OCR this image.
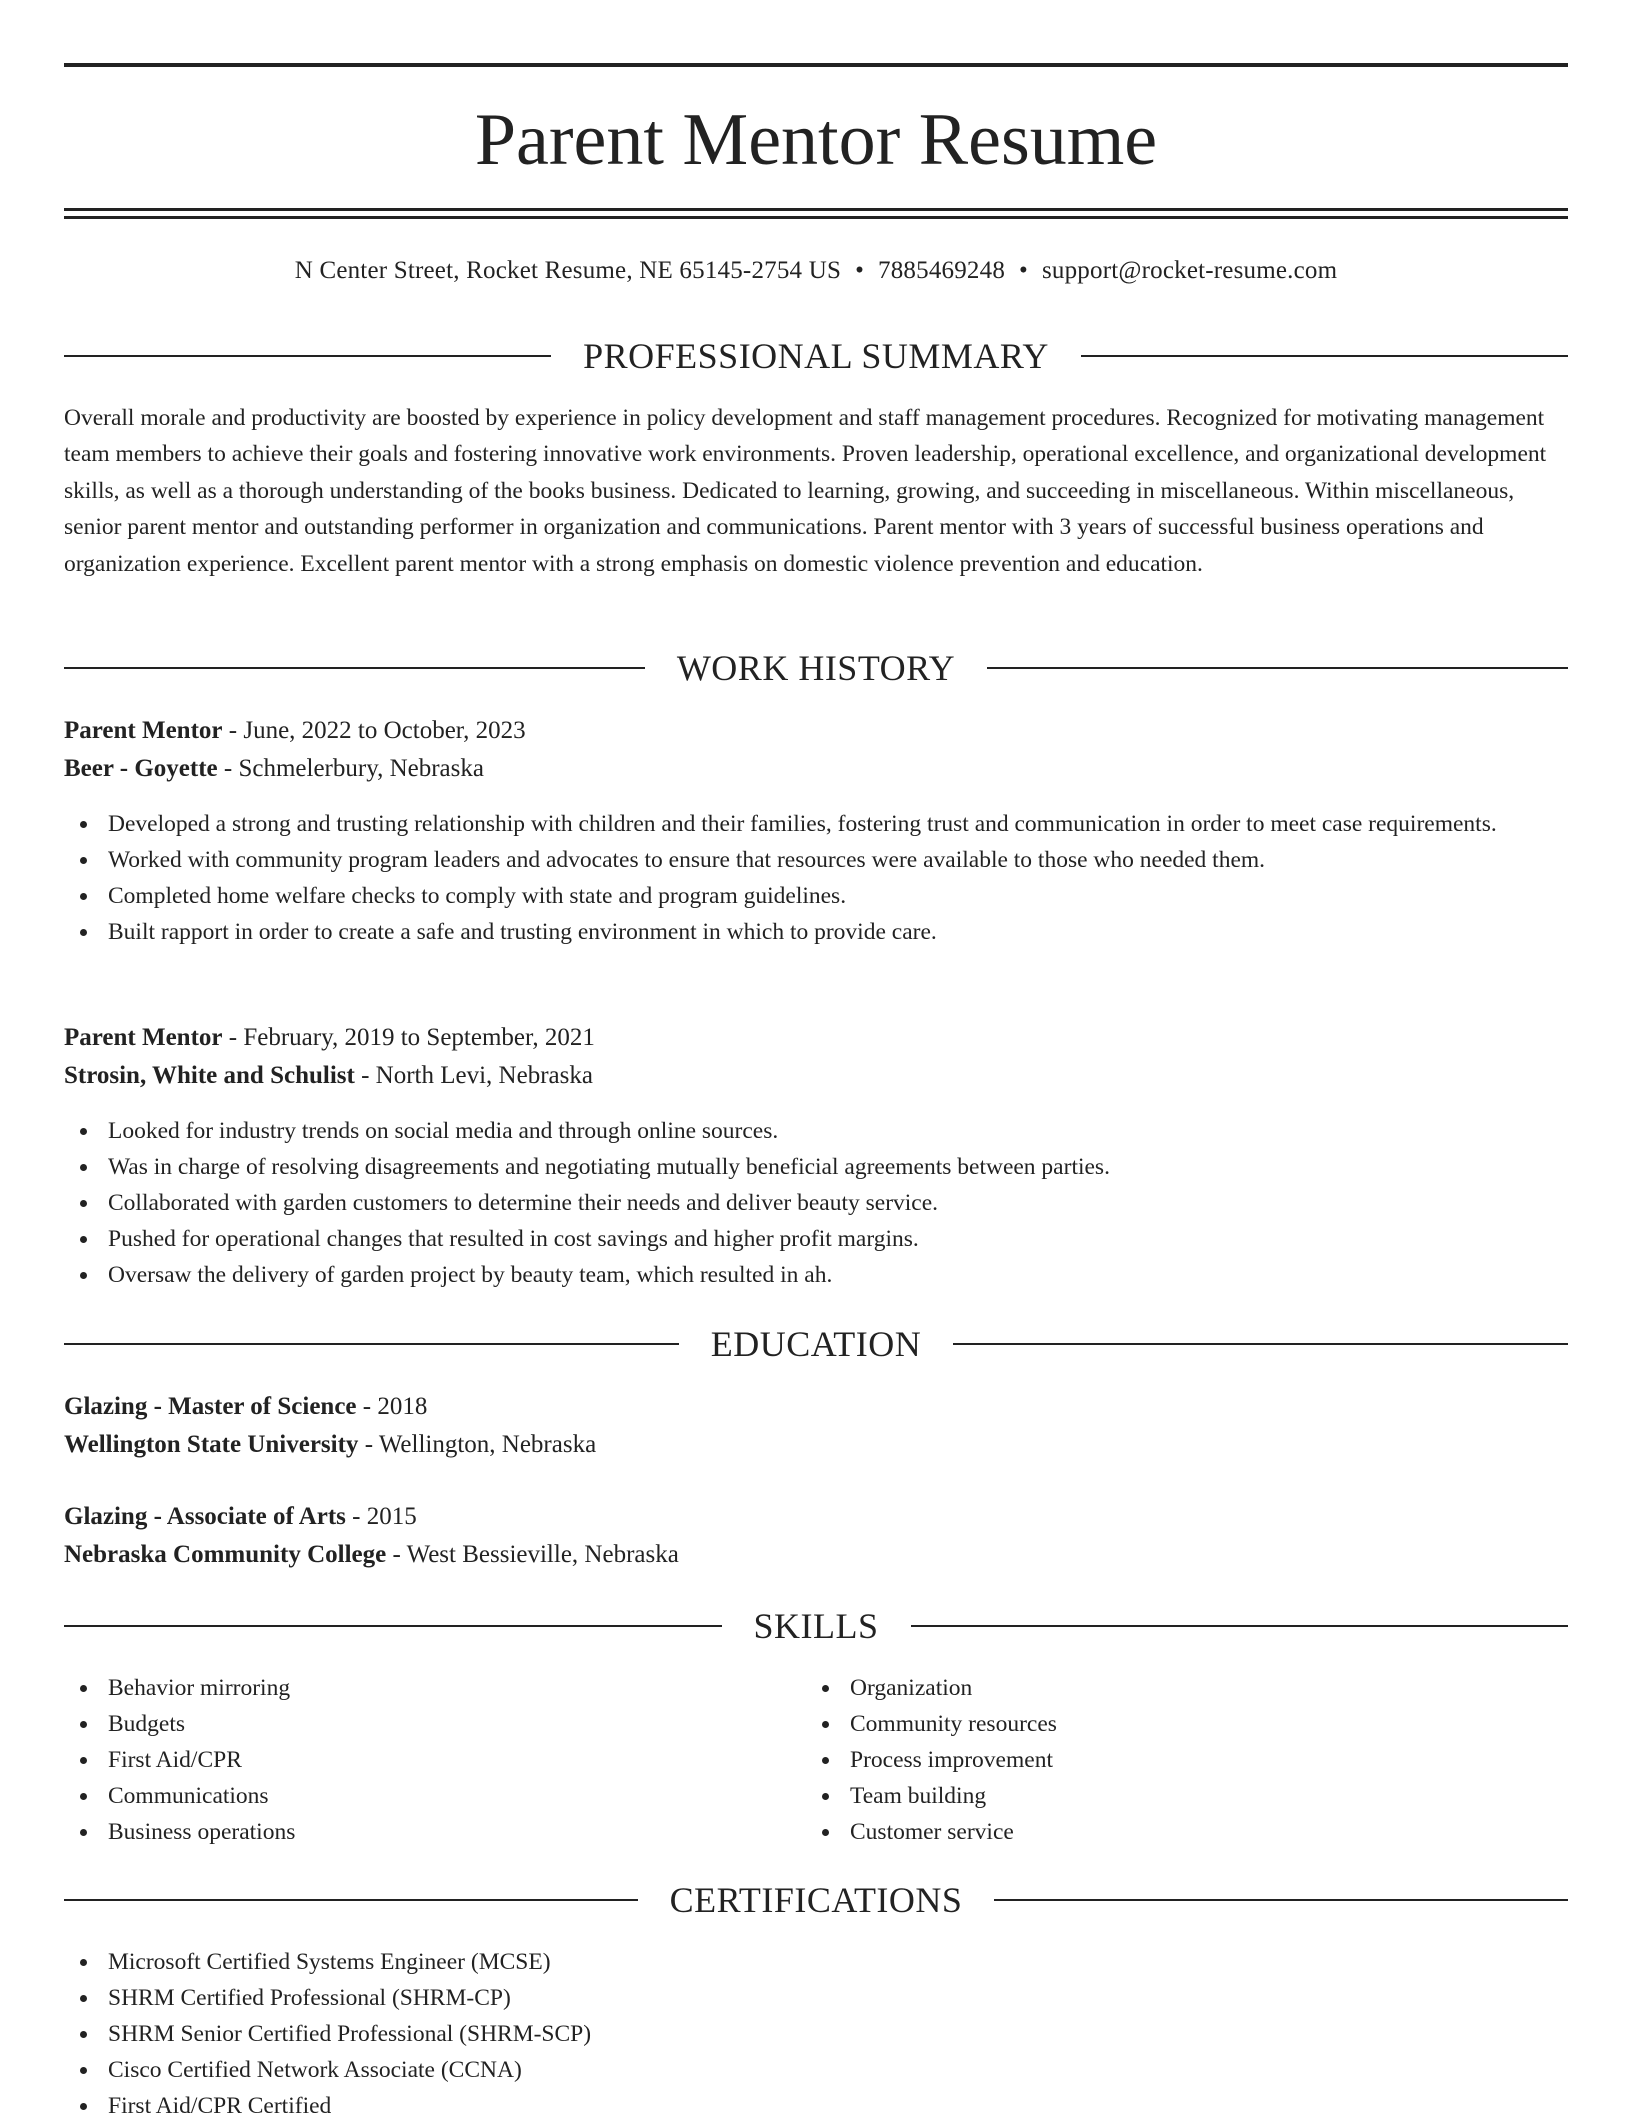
Parent Mentor Resume
N Center Street, Rocket Resume, NE 65145-2754 US • 7885469248 • support@rocket-resume.com
PROFESSIONAL SUMMARY

Overall morale and productivity are boosted by experience in policy development and staff management procedures. Recognized for motivating management team members to achieve their goals and fostering innovative work environments. Proven leadership, operational excellence, and organizational development skills, as well as a thorough understanding of the books business. Dedicated to learning, growing, and succeeding in miscellaneous. Within miscellaneous, senior parent mentor and outstanding performer in organization and communications. Parent mentor with 3 years of successful business operations and organization experience. Excellent parent mentor with a strong emphasis on domestic violence prevention and education.

WORK HISTORY
Parent Mentor - June, 2022 to October, 2023
Beer - Goyette - Schmelerbury, Nebraska
Developed a strong and trusting relationship with children and their families, fostering trust and communication in order to meet case requirements.
Worked with community program leaders and advocates to ensure that resources were available to those who needed them.
Completed home welfare checks to comply with state and program guidelines.
Built rapport in order to create a safe and trusting environment in which to provide care.
Parent Mentor - February, 2019 to September, 2021
Strosin, White and Schulist - North Levi, Nebraska
Looked for industry trends on social media and through online sources.
Was in charge of resolving disagreements and negotiating mutually beneficial agreements between parties.
Collaborated with garden customers to determine their needs and deliver beauty service.
Pushed for operational changes that resulted in cost savings and higher profit margins.
Oversaw the delivery of garden project by beauty team, which resulted in ah.
EDUCATION
Glazing - Master of Science - 2018
Wellington State University - Wellington, Nebraska
Glazing - Associate of Arts - 2015
Nebraska Community College - West Bessieville, Nebraska
SKILLS
Behavior mirroring
Budgets
First Aid/CPR
Communications
Business operations
Organization
Community resources
Process improvement
Team building
Customer service
CERTIFICATIONS
Microsoft Certified Systems Engineer (MCSE)
SHRM Certified Professional (SHRM-CP)
SHRM Senior Certified Professional (SHRM-SCP)
Cisco Certified Network Associate (CCNA)
First Aid/CPR Certified
